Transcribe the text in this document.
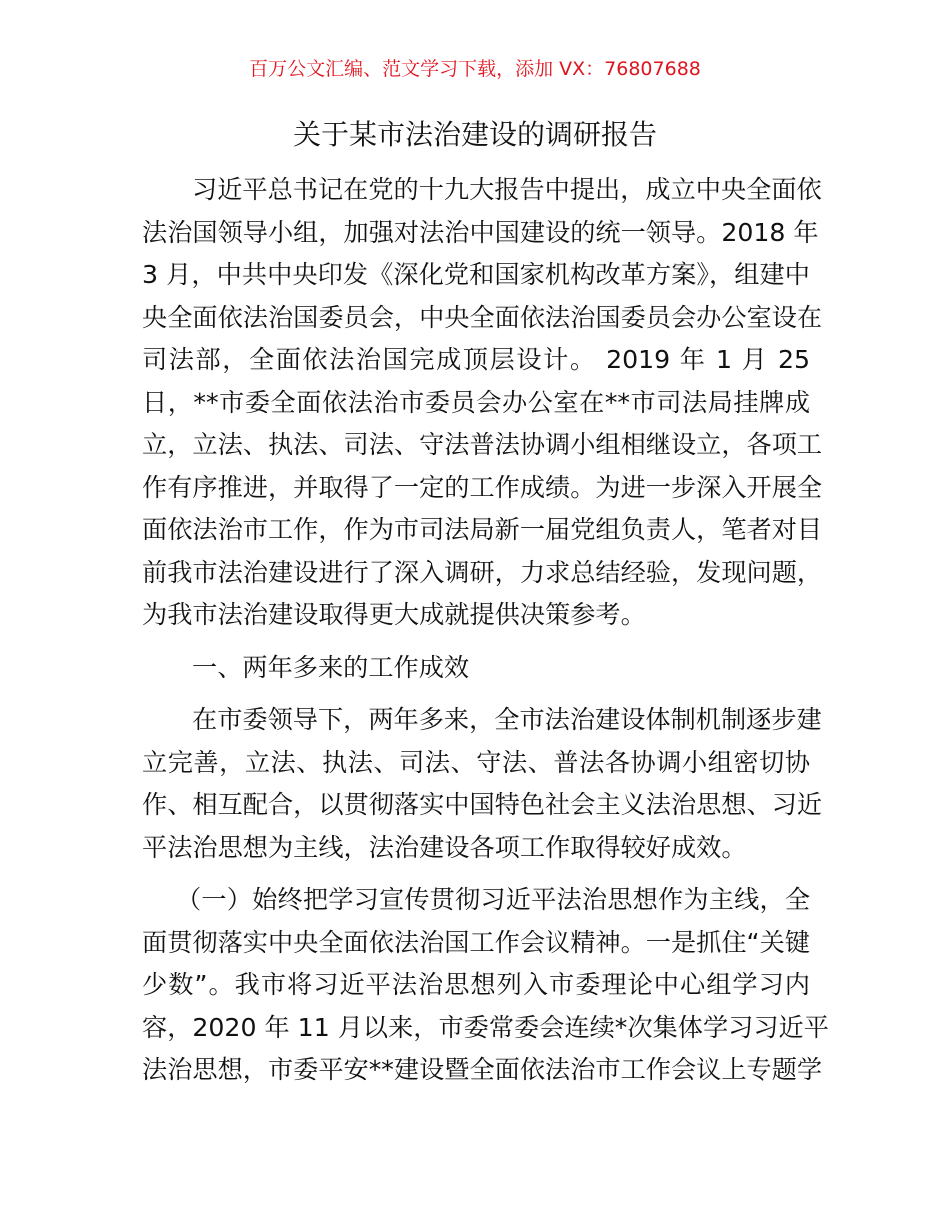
百万公文汇编、范文学习下载，添加 VX：76807688
关于某市法治建设的调研报告
习近平总书记在党的十九大报告中提出，成立中央全面依
法治国领导小组，加强对法治中国建设的统一领导。2018 年
3 月，中共中央印发《深化党和国家机构改革方案》，组建中
央全面依法治国委员会，中央全面依法治国委员会办公室设在
司法部，全面依法治国完成顶层设计。 2019 年 1 月 25
日，**市委全面依法治市委员会办公室在**市司法局挂牌成
立，立法、执法、司法、守法普法协调小组相继设立，各项工
作有序推进，并取得了一定的工作成绩。为进一步深入开展全
面依法治市工作，作为市司法局新一届党组负责人，笔者对目
前我市法治建设进行了深入调研，力求总结经验，发现问题，
为我市法治建设取得更大成就提供决策参考。
一、两年多来的工作成效
在市委领导下，两年多来，全市法治建设体制机制逐步建
立完善，立法、执法、司法、守法、普法各协调小组密切协
作、相互配合，以贯彻落实中国特色社会主义法治思想、习近
平法治思想为主线，法治建设各项工作取得较好成效。
（一）始终把学习宣传贯彻习近平法治思想作为主线，全
面贯彻落实中央全面依法治国工作会议精神。一是抓住“关键
少数”。我市将习近平法治思想列入市委理论中心组学习内
容，2020 年 11 月以来，市委常委会连续*次集体学习习近平
法治思想，市委平安**建设暨全面依法治市工作会议上专题学
